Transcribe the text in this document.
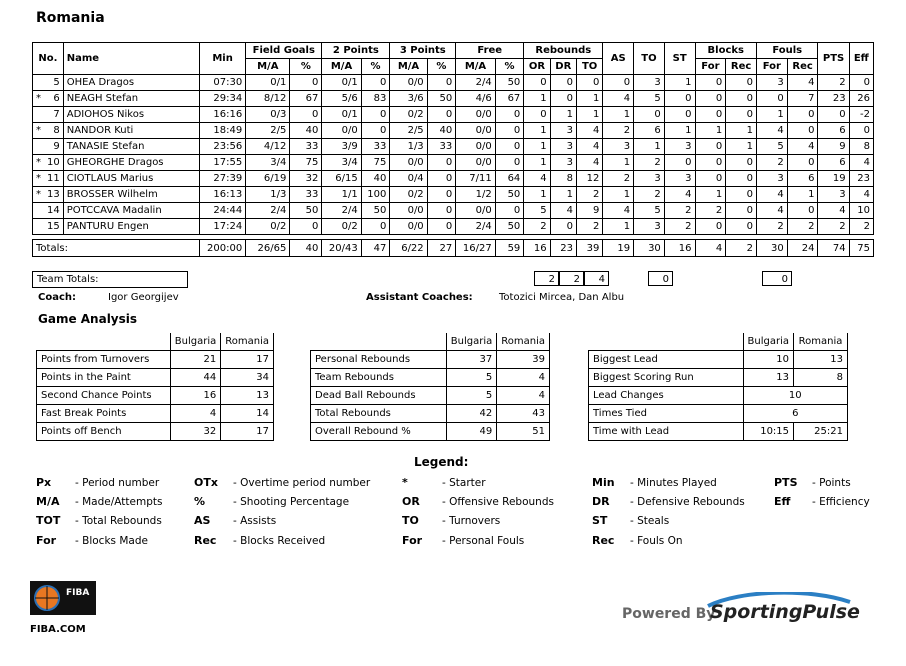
Romania
No.	Name	Min	Field Goals		2 Points		3 Points		Free		Rebounds			AS	TO	ST	Blocks		Fouls		PTS	Eff
			M/A	%	M/A	%	M/A	%	M/A	%	OR	DR	TO				For	Rec	For	Rec		

5	OHEA Dragos	07:30	0/1	0	0/1	0	0/0	0	2/4	50	0	0	0	0	3	1	0	0	3	4	2	0

* 6	NEAGH Stefan	29:34	8/12	67	5/6	83	3/6	50	4/6	67	1	0	1	4	5	0	0	0	0	7	23	26

7	ADIOHOS Nikos	16:16	0/3	0	0/1	0	0/2	0	0/0	0	0	1	1	1	0	0	0	0	1	0	0	-2

* 8	NANDOR Kuti	18:49	2/5	40	0/0	0	2/5	40	0/0	0	1	3	4	2	6	1	1	1	4	0	6	0

9	TANASIE Stefan	23:56	4/12	33	3/9	33	1/3	33	0/0	0	1	3	4	3	1	3	0	1	5	4	9	8

* 10	GHEORGHE Dragos	17:55	3/4	75	3/4	75	0/0	0	0/0	0	1	3	4	1	2	0	0	0	2	0	6	4

* 11	CIOTLAUS Marius	27:39	6/19	32	6/15	40	0/4	0	7/11	64	4	8	12	2	3	3	0	0	3	6	19	23

* 13	BROSSER Wilhelm	16:13	1/3	33	1/1	100	0/2	0	1/2	50	1	1	2	1	2	4	1	0	4	1	3	4

14	POTCCAVA Madalin	24:44	2/4	50	2/4	50	0/0	0	0/0	0	5	4	9	4	5	2	2	0	4	0	4	10

15	PANTURU Engen	17:24	0/2	0	0/2	0	0/0	0	2/4	50	2	0	2	1	3	2	0	0	2	2	2	2

Totals:		200:00	26/65	40	20/43	47	6/22	27	16/27	59	16	23	39	19	30	16	4	2	30	24	74	75
Team Totals:	2	2	4	0	0
Coach:	Igor Georgijev	Assistant Coaches:	Totozici Mircea, Dan Albu
Game Analysis
	Bulgaria	Romania
Points from Turnovers	21	17
Points in the Paint	44	34
Second Chance Points	16	13
Fast Break Points	4	14
Points off Bench	32	17
	Bulgaria	Romania
Personal Rebounds	37	39
Team Rebounds	5	4
Dead Ball Rebounds	5	4
Total Rebounds	42	43
Overall Rebound %	49	51
	Bulgaria	Romania
Biggest Lead	10	13
Biggest Scoring Run	13	8
Lead Changes	10	
Times Tied	6	
Time with Lead	10:15	25:21
Legend:
Px - Period number	OTx - Overtime period number	*	- Starter	Min - Minutes Played	PTS - Points
M/A - Made/Attempts	%	- Shooting Percentage	OR - Offensive Rebounds	DR - Defensive Rebounds	Eff - Efficiency
TOT - Total Rebounds	AS - Assists	TO - Turnovers	ST - Steals
For - Blocks Made	Rec - Blocks Received	For - Personal Fouls	Rec - Fouls On
FIBA
FIBA.COM
Powered By
SportingPulse
